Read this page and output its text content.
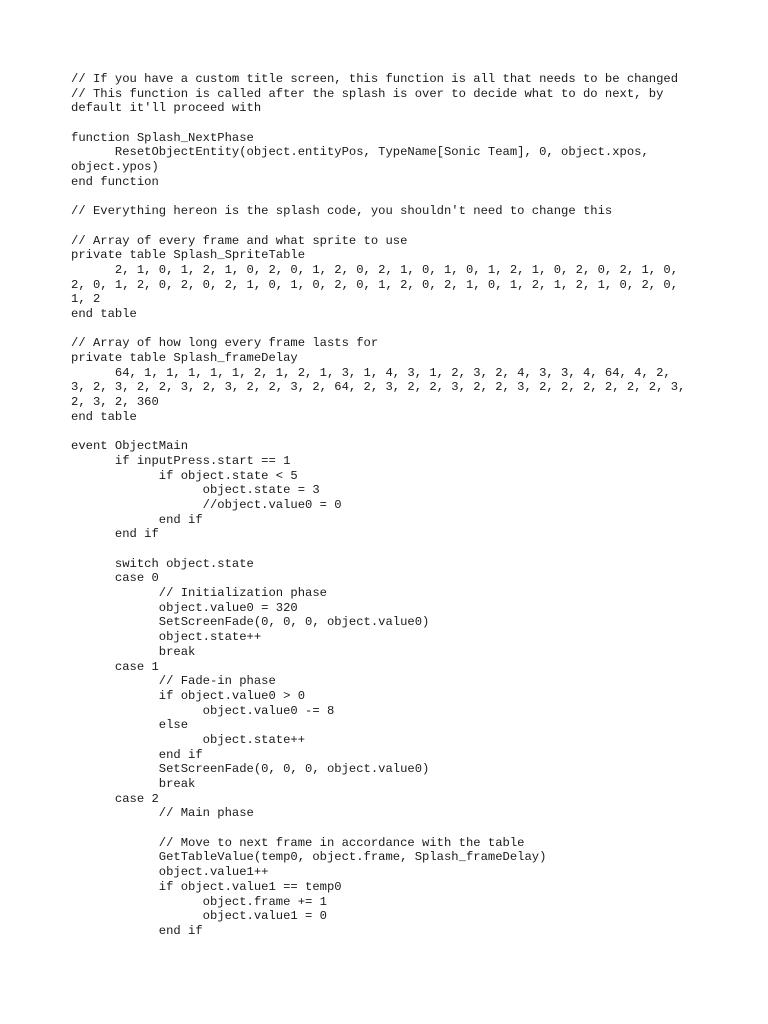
// If you have a custom title screen, this function is all that needs to be changed
// This function is called after the splash is over to decide what to do next, by
default it'll proceed with
function Splash_NextPhase
ResetObjectEntity(object.entityPos, TypeName[Sonic Team], 0, object.xpos,
object.ypos)
end function
// Everything hereon is the splash code, you shouldn't need to change this
// Array of every frame and what sprite to use
private table Splash_SpriteTable
2, 1, 0, 1, 2, 1, 0, 2, 0, 1, 2, 0, 2, 1, 0, 1, 0, 1, 2, 1, 0, 2, 0, 2, 1, 0,
2, 0, 1, 2, 0, 2, 0, 2, 1, 0, 1, 0, 2, 0, 1, 2, 0, 2, 1, 0, 1, 2, 1, 2, 1, 0, 2, 0,
1, 2
end table
// Array of how long every frame lasts for
private table Splash_frameDelay
64, 1, 1, 1, 1, 1, 2, 1, 2, 1, 3, 1, 4, 3, 1, 2, 3, 2, 4, 3, 3, 4, 64, 4, 2,
3, 2, 3, 2, 2, 3, 2, 3, 2, 2, 3, 2, 64, 2, 3, 2, 2, 3, 2, 2, 3, 2, 2, 2, 2, 2, 2, 3,
2, 3, 2, 360
end table
event ObjectMain
if inputPress.start == 1
if object.state < 5
object.state = 3
//object.value0 = 0
end if
end if
switch object.state
case 0
// Initialization phase
object.value0 = 320
SetScreenFade(0, 0, 0, object.value0)
object.state++
break
case 1
// Fade-in phase
if object.value0 > 0
object.value0 -= 8
else
object.state++
end if
SetScreenFade(0, 0, 0, object.value0)
break
case 2
// Main phase
// Move to next frame in accordance with the table
GetTableValue(temp0, object.frame, Splash_frameDelay)
object.value1++
if object.value1 == temp0
object.frame += 1
object.value1 = 0
end if
